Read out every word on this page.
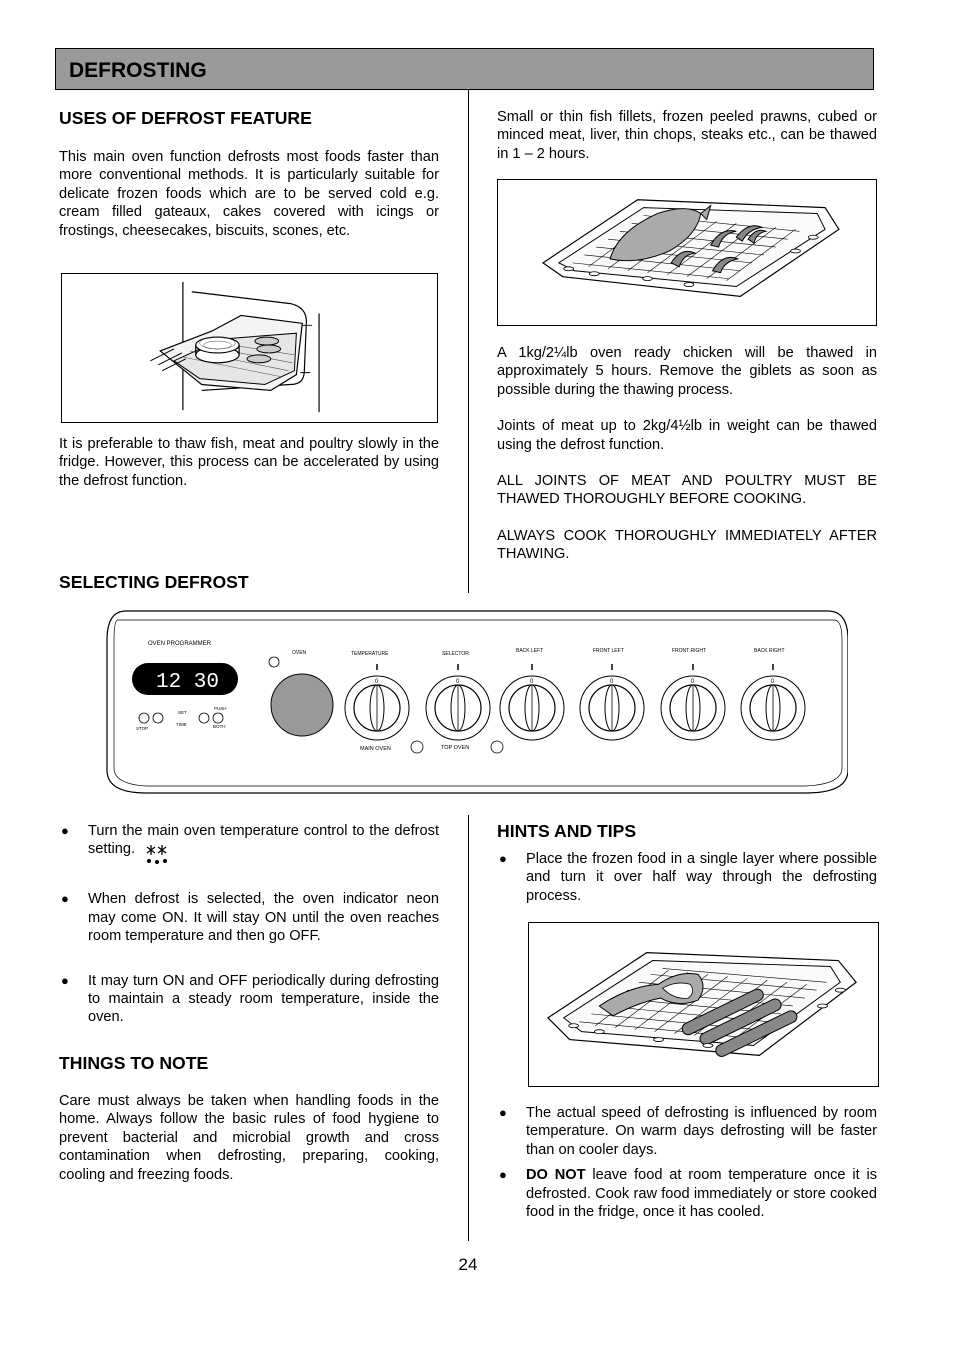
DEFROSTING
USES OF DEFROST FEATURE

This main oven function defrosts most foods faster than more conventional methods. It is particularly suitable for delicate frozen foods which are to be served cold e.g. cream filled gateaux, cakes covered with icings or frostings, cheesecakes, biscuits, scones, etc.

It is preferable to thaw fish, meat and poultry slowly in the fridge. However, this process can be accelerated by using the defrost function.

SELECTING DEFROST

Small or thin fish fillets, frozen peeled prawns, cubed or minced meat, liver, thin chops, steaks etc., can be thawed in 1 – 2 hours.

A 1kg/2¼lb oven ready chicken will be thawed in approximately 5 hours. Remove the giblets as soon as possible during the thawing process.

Joints of meat up to 2kg/4½lb in weight can be thawed using the defrost function.

ALL JOINTS OF MEAT AND POULTRY MUST BE THAWED THOROUGHLY BEFORE COOKING.

ALWAYS COOK THOROUGHLY IMMEDIATELY AFTER THAWING.

OVEN PROGRAMMER
12 30
STOP
SET
TIME
PUSH
BOTH
OVEN	TEMPERATURE	SELECTOR	BACK LEFT	FRONT LEFT	FRONT RIGHT	BACK RIGHT
0	0	0	0	0	0
MAIN OVEN	TOP OVEN
● Turn the main oven temperature control to the defrost setting.
● When defrost is selected, the oven indicator neon may come ON. It will stay ON until the oven reaches room temperature and then go OFF.
● It may turn ON and OFF periodically during defrosting to maintain a steady room temperature, inside the oven.
THINGS TO NOTE

Care must always be taken when handling foods in the home. Always follow the basic rules of food hygiene to prevent bacterial and microbial growth and cross contamination when defrosting, preparing, cooking, cooling and freezing foods.

HINTS AND TIPS
● Place the frozen food in a single layer where possible and turn it over half way through the defrosting process.
● The actual speed of defrosting is influenced by room temperature. On warm days defrosting will be faster than on cooler days.
● DO NOT leave food at room temperature once it is defrosted. Cook raw food immediately or store cooked food in the fridge, once it has cooled.
24
